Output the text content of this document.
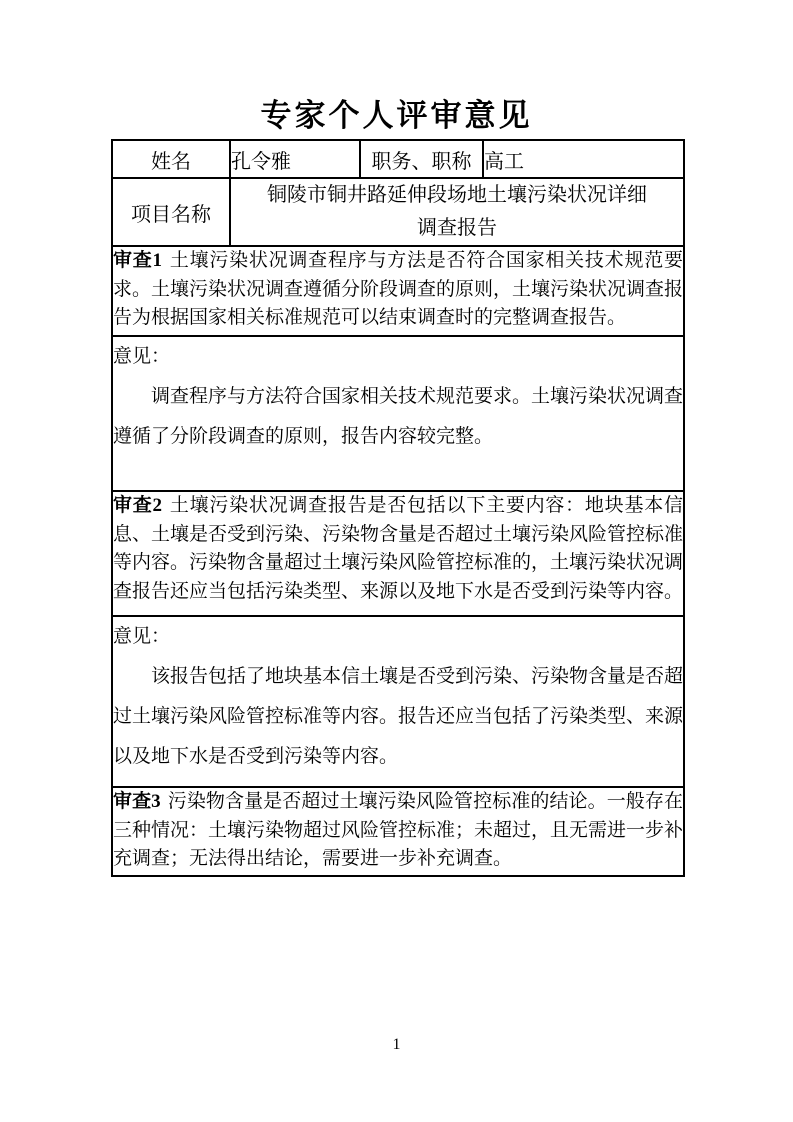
专家个人评审意见
姓名	孔令雅	职务、职称	高工
项目名称	铜陵市铜井路延伸段场地土壤污染状况详细
调查报告		

审查1 土壤污染状况调查程序与方法是否符合国家相关技术规范要
求。土壤污染状况调查遵循分阶段调查的原则，土壤污染状况调查报
告为根据国家相关标准规范可以结束调查时的完整调查报告。			

意见：
调查程序与方法符合国家相关技术规范要求。土壤污染状况调查
遵循了分阶段调查的原则，报告内容较完整。			

审查2 土壤污染状况调查报告是否包括以下主要内容：地块基本信
息、土壤是否受到污染、污染物含量是否超过土壤污染风险管控标准
等内容。污染物含量超过土壤污染风险管控标准的，土壤污染状况调
查报告还应当包括污染类型、来源以及地下水是否受到污染等内容。			

意见：
该报告包括了地块基本信土壤是否受到污染、污染物含量是否超
过土壤污染风险管控标准等内容。报告还应当包括了污染类型、来源
以及地下水是否受到污染等内容。			

审查3 污染物含量是否超过土壤污染风险管控标准的结论。一般存在
三种情况：土壤污染物超过风险管控标准；未超过，且无需进一步补
充调查；无法得出结论，需要进一步补充调查。			
1
